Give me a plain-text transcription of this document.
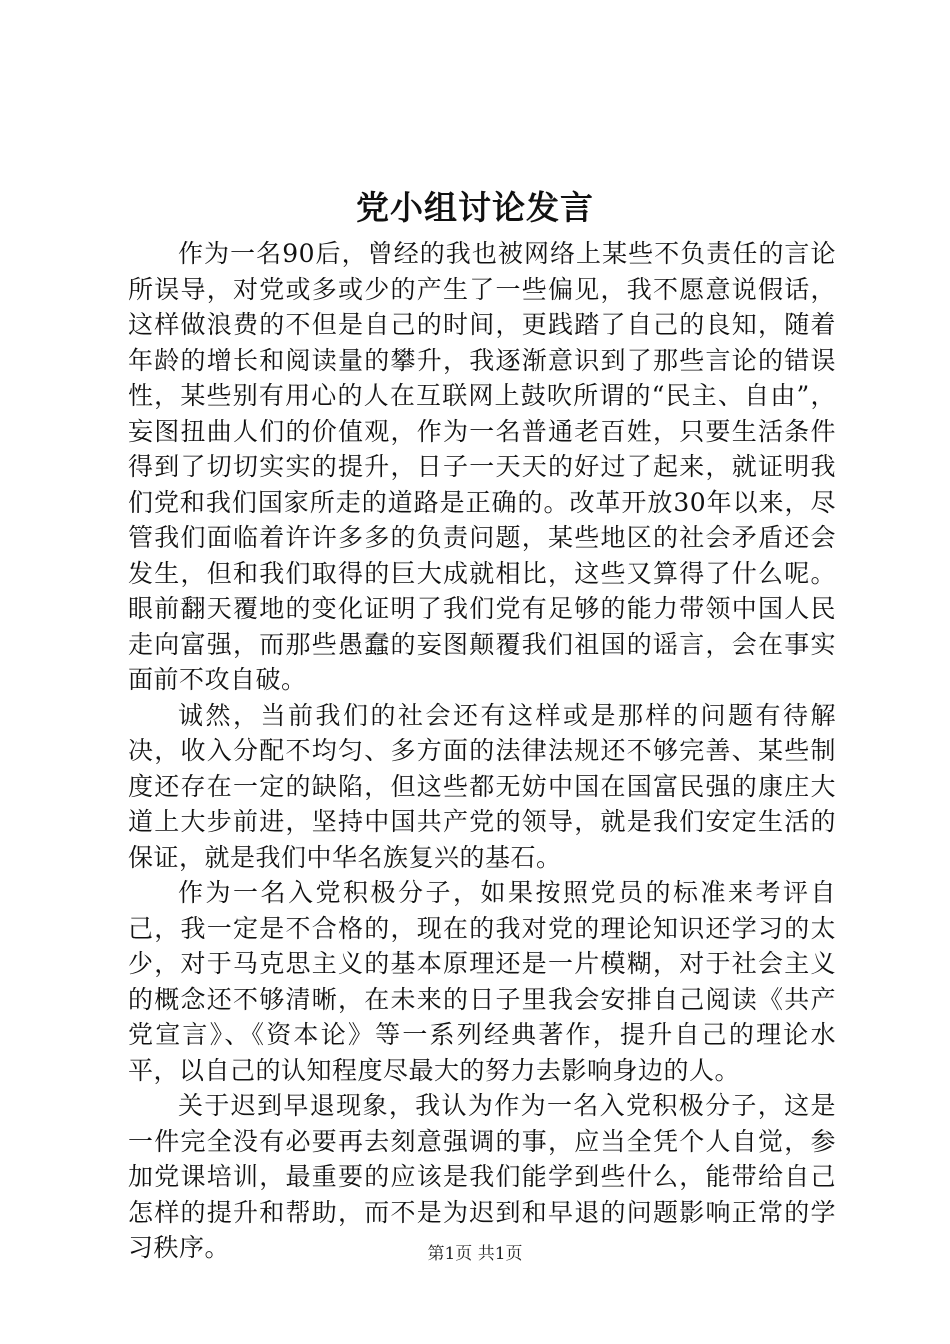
党小组讨论发言

作为一名90后，曾经的我也被网络上某些不负责任的言论所误导，对党或多或少的产生了一些偏见，我不愿意说假话，这样做浪费的不但是自己的时间，更践踏了自己的良知，随着年龄的增长和阅读量的攀升，我逐渐意识到了那些言论的错误性，某些别有用心的人在互联网上鼓吹所谓的“民主、自由”，妄图扭曲人们的价值观，作为一名普通老百姓，只要生活条件得到了切切实实的提升，日子一天天的好过了起来，就证明我们党和我们国家所走的道路是正确的。改革开放30年以来，尽管我们面临着许许多多的负责问题，某些地区的社会矛盾还会发生，但和我们取得的巨大成就相比，这些又算得了什么呢。眼前翻天覆地的变化证明了我们党有足够的能力带领中国人民走向富强，而那些愚蠢的妄图颠覆我们祖国的谣言，会在事实面前不攻自破。

诚然，当前我们的社会还有这样或是那样的问题有待解决，收入分配不均匀、多方面的法律法规还不够完善、某些制度还存在一定的缺陷，但这些都无妨中国在国富民强的康庄大道上大步前进，坚持中国共产党的领导，就是我们安定生活的保证，就是我们中华名族复兴的基石。

作为一名入党积极分子，如果按照党员的标准来考评自己，我一定是不合格的，现在的我对党的理论知识还学习的太少，对于马克思主义的基本原理还是一片模糊，对于社会主义的概念还不够清晰，在未来的日子里我会安排自己阅读《共产党宣言》、《资本论》等一系列经典著作，提升自己的理论水平，以自己的认知程度尽最大的努力去影响身边的人。

关于迟到早退现象，我认为作为一名入党积极分子，这是一件完全没有必要再去刻意强调的事，应当全凭个人自觉，参加党课培训，最重要的应该是我们能学到些什么，能带给自己怎样的提升和帮助，而不是为迟到和早退的问题影响正常的学习秩序。	第1页 共1页
